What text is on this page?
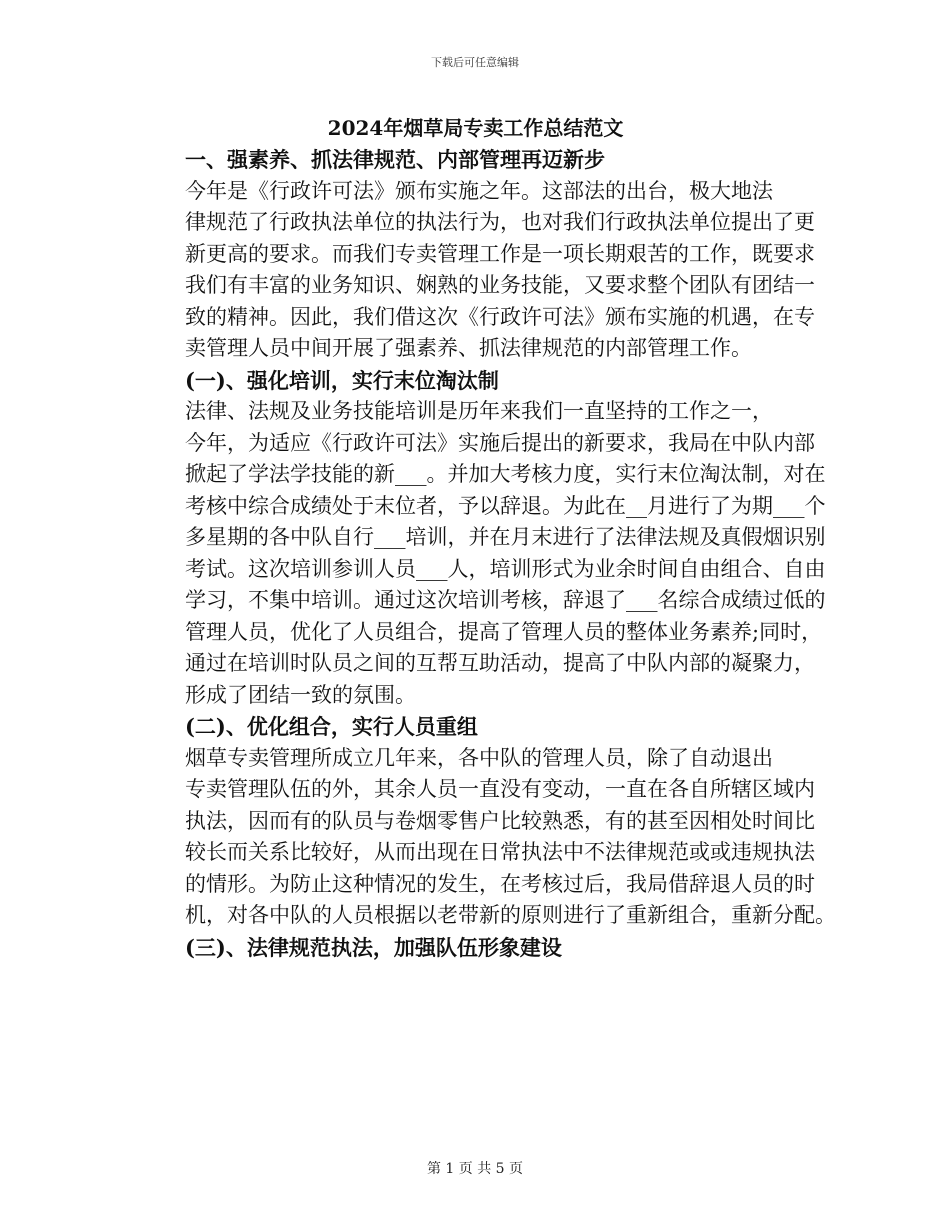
下载后可任意编辑
2024年烟草局专卖工作总结范文
一、强素养、抓法律规范、内部管理再迈新步
今年是《行政许可法》颁布实施之年。这部法的出台，极大地法
律规范了行政执法单位的执法行为，也对我们行政执法单位提出了更
新更高的要求。而我们专卖管理工作是一项长期艰苦的工作，既要求
我们有丰富的业务知识、娴熟的业务技能，又要求整个团队有团结一
致的精神。因此，我们借这次《行政许可法》颁布实施的机遇，在专
卖管理人员中间开展了强素养、抓法律规范的内部管理工作。
(一)、强化培训，实行末位淘汰制
法律、法规及业务技能培训是历年来我们一直坚持的工作之一，
今年，为适应《行政许可法》实施后提出的新要求，我局在中队内部
掀起了学法学技能的新___。并加大考核力度，实行末位淘汰制，对在
考核中综合成绩处于末位者，予以辞退。为此在__月进行了为期___个
多星期的各中队自行___培训，并在月末进行了法律法规及真假烟识别
考试。这次培训参训人员___人，培训形式为业余时间自由组合、自由
学习，不集中培训。通过这次培训考核，辞退了___名综合成绩过低的
管理人员，优化了人员组合，提高了管理人员的整体业务素养;同时，
通过在培训时队员之间的互帮互助活动，提高了中队内部的凝聚力，
形成了团结一致的氛围。
(二)、优化组合，实行人员重组
烟草专卖管理所成立几年来，各中队的管理人员，除了自动退出
专卖管理队伍的外，其余人员一直没有变动，一直在各自所辖区域内
执法，因而有的队员与卷烟零售户比较熟悉，有的甚至因相处时间比
较长而关系比较好，从而出现在日常执法中不法律规范或或违规执法
的情形。为防止这种情况的发生，在考核过后，我局借辞退人员的时
机，对各中队的人员根据以老带新的原则进行了重新组合，重新分配。
(三)、法律规范执法，加强队伍形象建设
第 1 页 共 5 页
